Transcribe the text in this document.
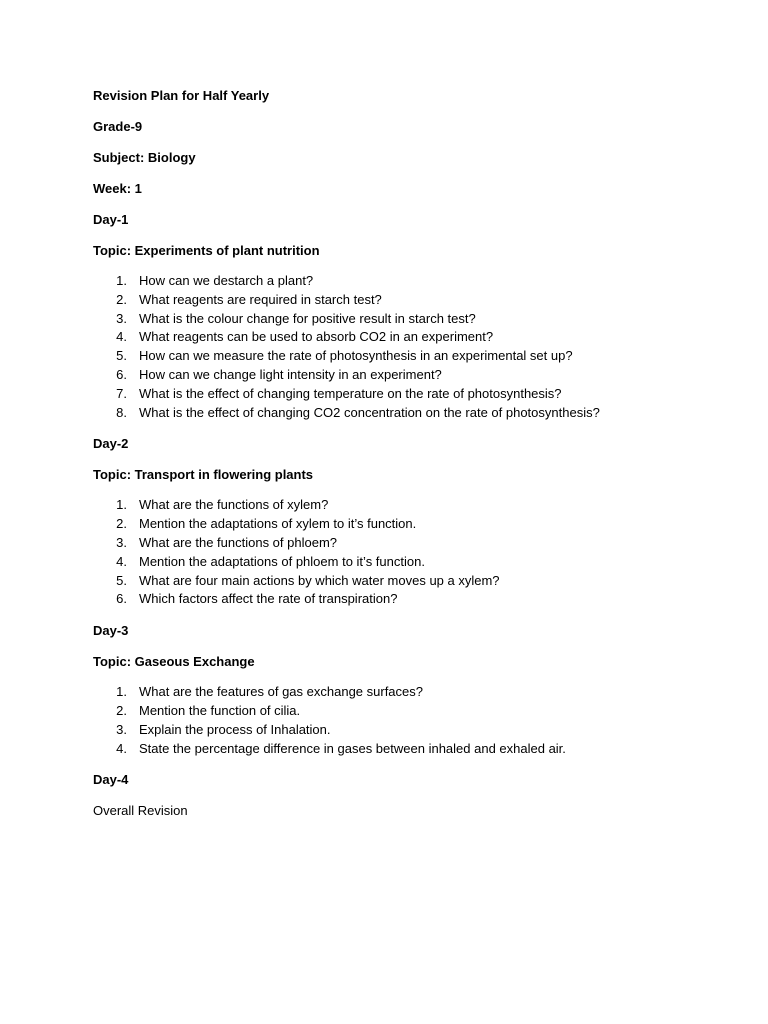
Revision Plan for Half Yearly

Grade-9

Subject: Biology

Week: 1

Day-1

Topic: Experiments of plant nutrition

1. How can we destarch a plant?
2. What reagents are required in starch test?
3. What is the colour change for positive result in starch test?
4. What reagents can be used to absorb CO2 in an experiment?
5. How can we measure the rate of photosynthesis in an experimental set up?
6. How can we change light intensity in an experiment?
7. What is the effect of changing temperature on the rate of photosynthesis?
8. What is the effect of changing CO2 concentration on the rate of photosynthesis?

Day-2

Topic: Transport in flowering plants

1. What are the functions of xylem?
2. Mention the adaptations of xylem to it’s function.
3. What are the functions of phloem?
4. Mention the adaptations of phloem to it’s function.
5. What are four main actions by which water moves up a xylem?
6. Which factors affect the rate of transpiration?

Day-3

Topic: Gaseous Exchange

1. What are the features of gas exchange surfaces?
2. Mention the function of cilia.
3. Explain the process of Inhalation.
4. State the percentage difference in gases between inhaled and exhaled air.

Day-4

Overall Revision
